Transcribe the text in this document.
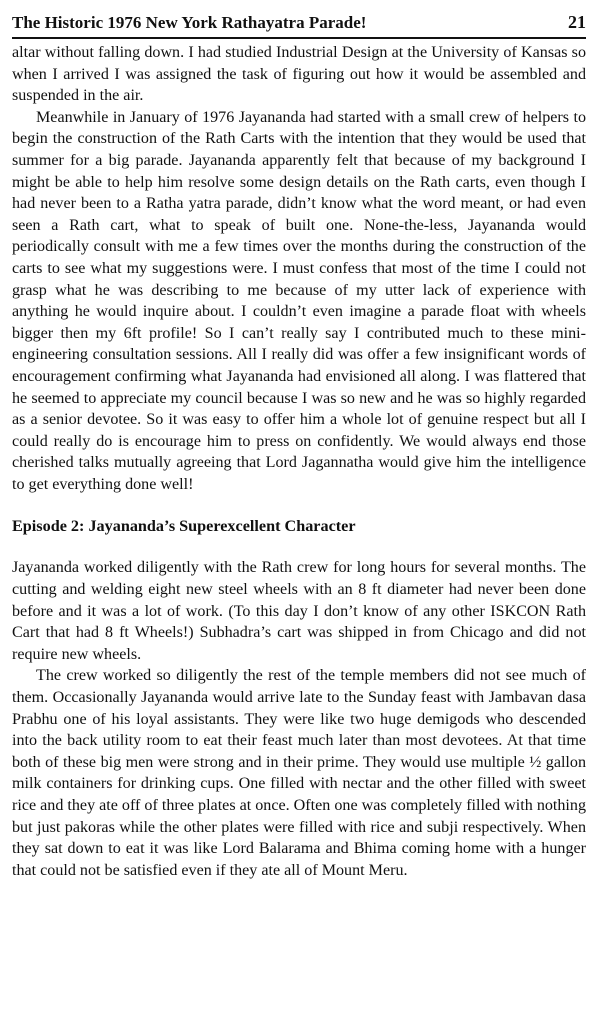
The Historic 1976 New York Rathayatra Parade!	21

altar without falling down. I had studied Industrial Design at the University of Kansas so when I arrived I was assigned the task of figuring out how it would be assembled and suspended in the air.

Meanwhile in January of 1976 Jayananda had started with a small crew of helpers to begin the construction of the Rath Carts with the intention that they would be used that summer for a big parade. Jayananda apparently felt that because of my background I might be able to help him resolve some design details on the Rath carts, even though I had never been to a Ratha yatra parade, didn’t know what the word meant, or had even seen a Rath cart, what to speak of built one. None-the-less, Jayananda would periodically consult with me a few times over the months during the construction of the carts to see what my suggestions were. I must confess that most of the time I could not grasp what he was describing to me because of my utter lack of experience with anything he would inquire about. I couldn’t even imagine a parade float with wheels bigger then my 6ft profile! So I can’t really say I contributed much to these mini-engineering consultation sessions. All I really did was offer a few insignificant words of encouragement confirming what Jayananda had envisioned all along. I was flattered that he seemed to appreciate my council because I was so new and he was so highly regarded as a senior devotee. So it was easy to offer him a whole lot of genuine respect but all I could really do is encourage him to press on confidently. We would always end those cherished talks mutually agreeing that Lord Jagannatha would give him the intelligence to get everything done well!

Episode 2: Jayananda’s Superexcellent Character

Jayananda worked diligently with the Rath crew for long hours for several months. The cutting and welding eight new steel wheels with an 8 ft diameter had never been done before and it was a lot of work. (To this day I don’t know of any other ISKCON Rath Cart that had 8 ft Wheels!) Subhadra’s cart was shipped in from Chicago and did not require new wheels.

The crew worked so diligently the rest of the temple members did not see much of them. Occasionally Jayananda would arrive late to the Sunday feast with Jambavan dasa Prabhu one of his loyal assistants. They were like two huge demigods who descended into the back utility room to eat their feast much later than most devotees. At that time both of these big men were strong and in their prime. They would use multiple ½ gallon milk containers for drinking cups. One filled with nectar and the other filled with sweet rice and they ate off of three plates at once. Often one was completely filled with nothing but just pakoras while the other plates were filled with rice and subji respectively. When they sat down to eat it was like Lord Balarama and Bhima coming home with a hunger that could not be satisfied even if they ate all of Mount Meru.
